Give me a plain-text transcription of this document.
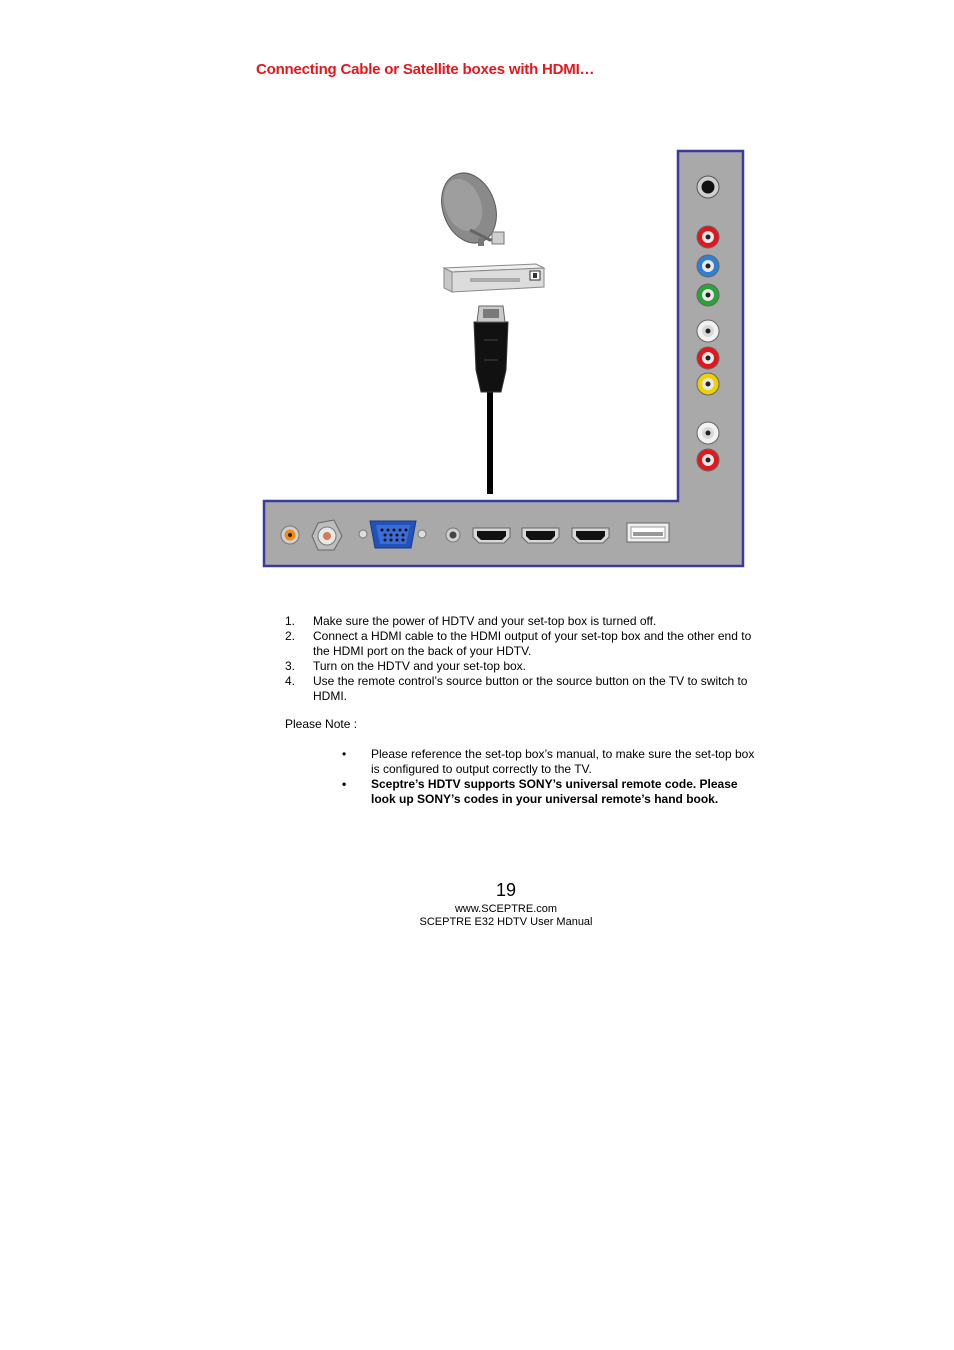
Connecting Cable or Satellite boxes with HDMI…
1. Make sure the power of HDTV and your set-top box is turned off.
2. Connect a HDMI cable to the HDMI output of your set-top box and the other end to the HDMI port on the back of your HDTV.
3. Turn on the HDTV and your set-top box.
4. Use the remote control’s source button or the source button on the TV to switch to HDMI.
Please Note :
• Please reference the set-top box’s manual, to make sure the set-top box is configured to output correctly to the TV.
• Sceptre’s HDTV supports SONY’s universal remote code. Please look up SONY’s codes in your universal remote’s hand book.
19
www.SCEPTRE.com
SCEPTRE E32 HDTV User Manual
